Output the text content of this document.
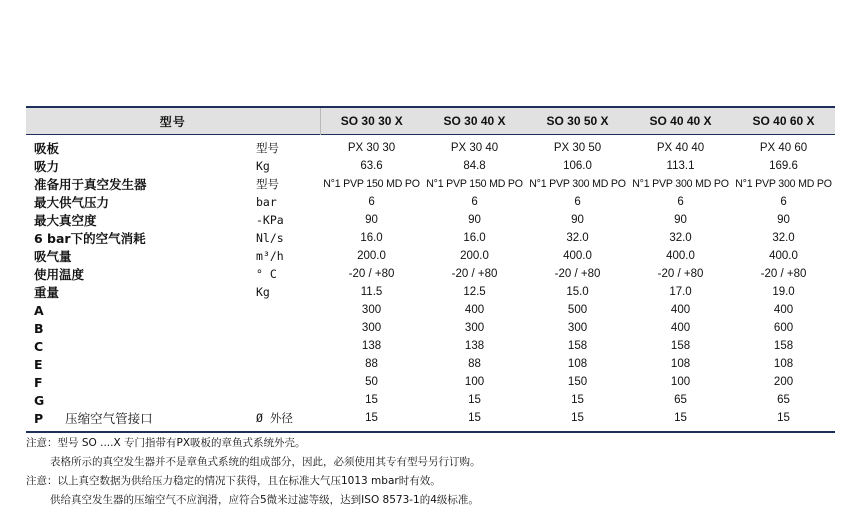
型号		SO 30 30 X	SO 30 40 X	SO 30 50 X	SO 40 40 X	SO 40 60 X
吸板	型号	PX 30 30	PX 30 40	PX 30 50	PX 40 40	PX 40 60
吸力	Kg	63.6	84.8	106.0	113.1	169.6
准备用于真空发生器	型号	N°1 PVP 150 MD PO	N°1 PVP 150 MD PO	N°1 PVP 300 MD PO	N°1 PVP 300 MD PO	N°1 PVP 300 MD PO
最大供气压力	bar	6	6	6	6	6
最大真空度	-KPa	90	90	90	90	90
6 bar下的空气消耗	Nl/s	16.0	16.0	32.0	32.0	32.0
吸气量	m³/h	200.0	200.0	400.0	400.0	400.0
使用温度	° C	-20 / +80	-20 / +80	-20 / +80	-20 / +80	-20 / +80
重量	Kg	11.5	12.5	15.0	17.0	19.0
A		300	400	500	400	400
B		300	300	300	400	600
C		138	138	158	158	158
E		88	88	108	108	108
F		50	100	150	100	200
G		15	15	15	65	65
P 压缩空气管接口	Ø 外径	15	15	15	15	15
注意：型号 SO ....X 专门指带有PX吸板的章鱼式系统外壳。
表格所示的真空发生器并不是章鱼式系统的组成部分，因此，必须使用其专有型号另行订购。
注意：以上真空数据为供给压力稳定的情况下获得，且在标准大气压1013 mbar时有效。
供给真空发生器的压缩空气不应润滑，应符合5微米过滤等级，达到ISO 8573-1的4级标准。
